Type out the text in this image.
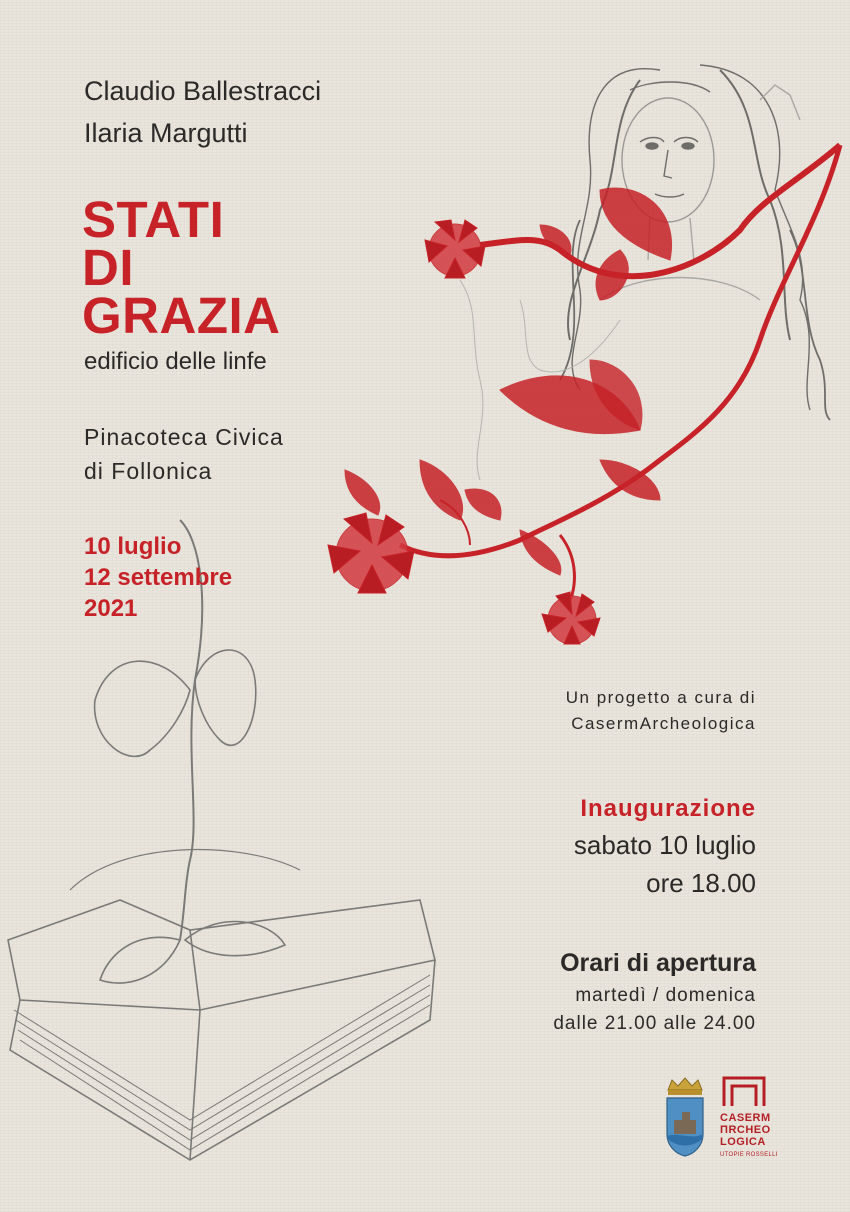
Claudio Ballestracci
Ilaria Margutti
STATI
DI
GRAZIA
edificio delle linfe
Pinacoteca Civica
di Follonica
10 luglio
12 settembre
2021
Un progetto a cura di
CasermArcheologica
Inaugurazione
sabato 10 luglio
ore 18.00
Orari di apertura
martedì / domenica
dalle 21.00 alle 24.00
CASERM
ΠRCHEO
LOGICA
UTOPIE ROSSELLI
